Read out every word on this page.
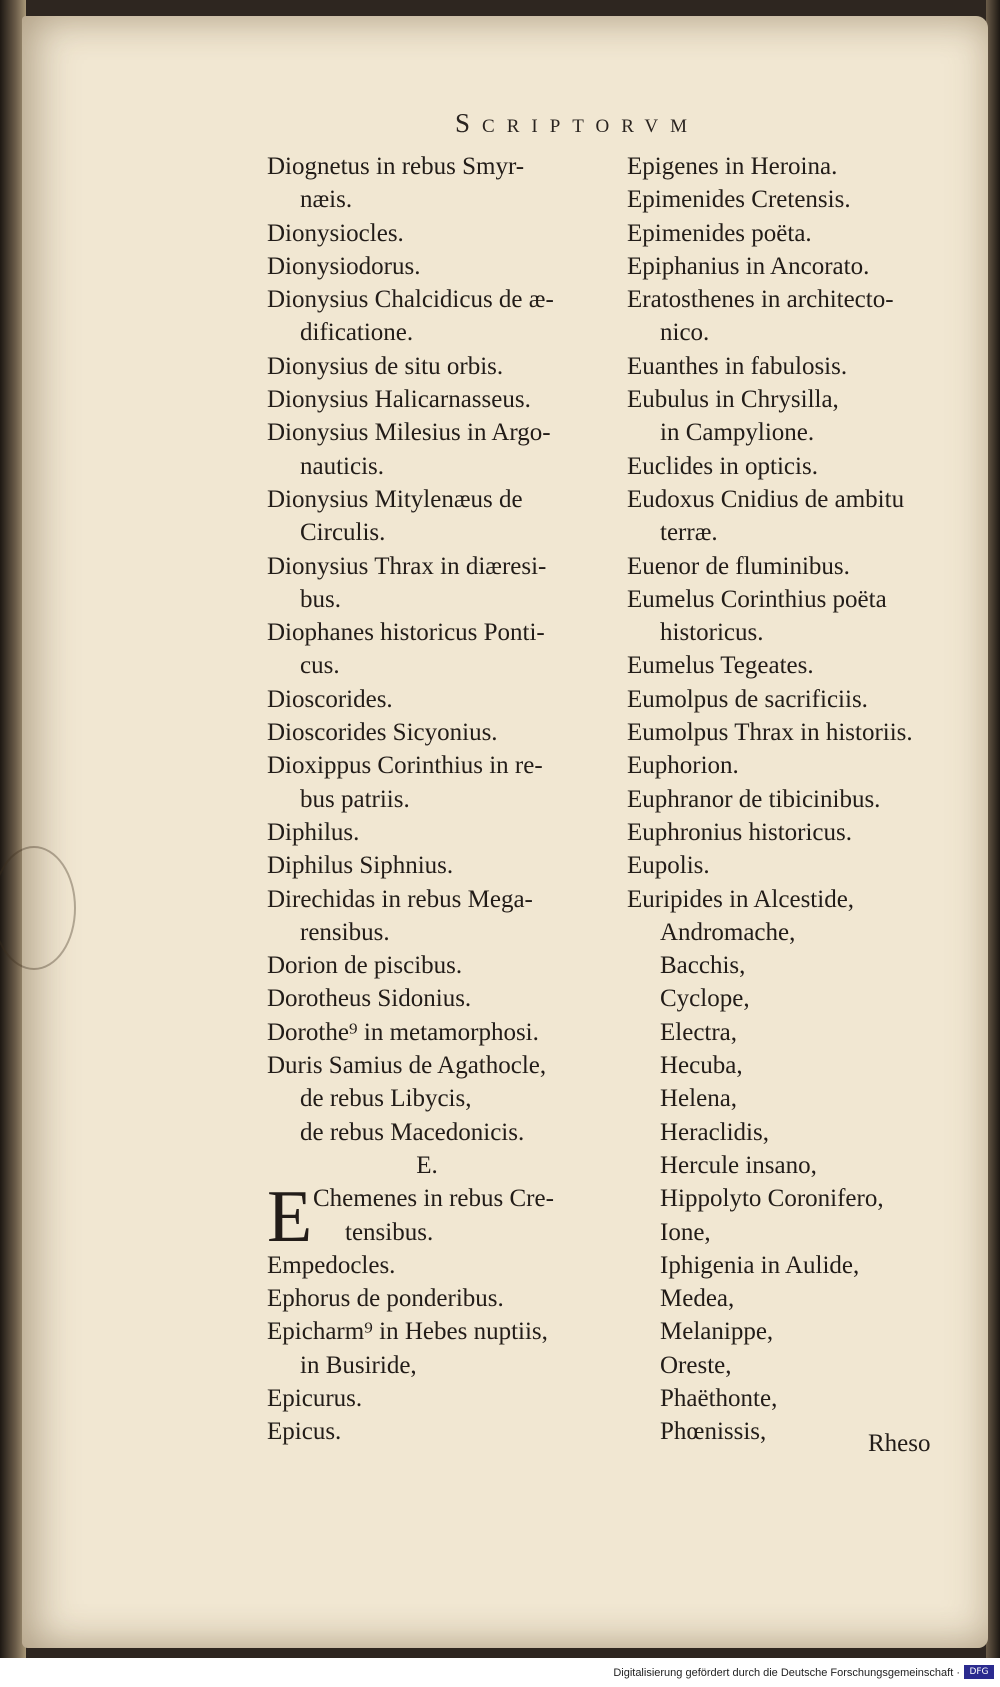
Scriptorvm
Diognetus in rebus Smyr-
næis.
Dionysiocles.
Dionysiodorus.
Dionysius Chalcidicus de æ-
dificatione.
Dionysius de situ orbis.
Dionysius Halicarnasseus.
Dionysius Milesius in Argo-
nauticis.
Dionysius Mitylenæus de
Circulis.
Dionysius Thrax in diæresi-
bus.
Diophanes historicus Ponti-
cus.
Dioscorides.
Dioscorides Sicyonius.
Dioxippus Corinthius in re-
bus patriis.
Diphilus.
Diphilus Siphnius.
Direchidas in rebus Mega-
rensibus.
Dorion de piscibus.
Dorotheus Sidonius.
Dorothe⁹ in metamorphosi.
Duris Samius de Agathocle,
de rebus Libycis,
de rebus Macedonicis.
E.
E Chemenes in rebus Cre-
tensibus.
Empedocles.
Ephorus de ponderibus.
Epicharm⁹ in Hebes nuptiis,
in Busiride,
Epicurus.
Epicus.
Epigenes in Heroina.
Epimenides Cretensis.
Epimenides poëta.
Epiphanius in Ancorato.
Eratosthenes in architecto-
nico.
Euanthes in fabulosis.
Eubulus in Chrysilla,
in Campylione.
Euclides in opticis.
Eudoxus Cnidius de ambitu
terræ.
Euenor de fluminibus.
Eumelus Corinthius poëta
historicus.
Eumelus Tegeates.
Eumolpus de sacrificiis.
Eumolpus Thrax in historiis.
Euphorion.
Euphranor de tibicinibus.
Euphronius historicus.
Eupolis.
Euripides in Alcestide,
Andromache,
Bacchis,
Cyclope,
Electra,
Hecuba,
Helena,
Heraclidis,
Hercule insano,
Hippolyto Coronifero,
Ione,
Iphigenia in Aulide,
Medea,
Melanippe,
Oreste,
Phaëthonte,
Phœnissis,	Rheso
Digitalisierung gefördert durch die Deutsche Forschungsgemeinschaft ·	DFG
